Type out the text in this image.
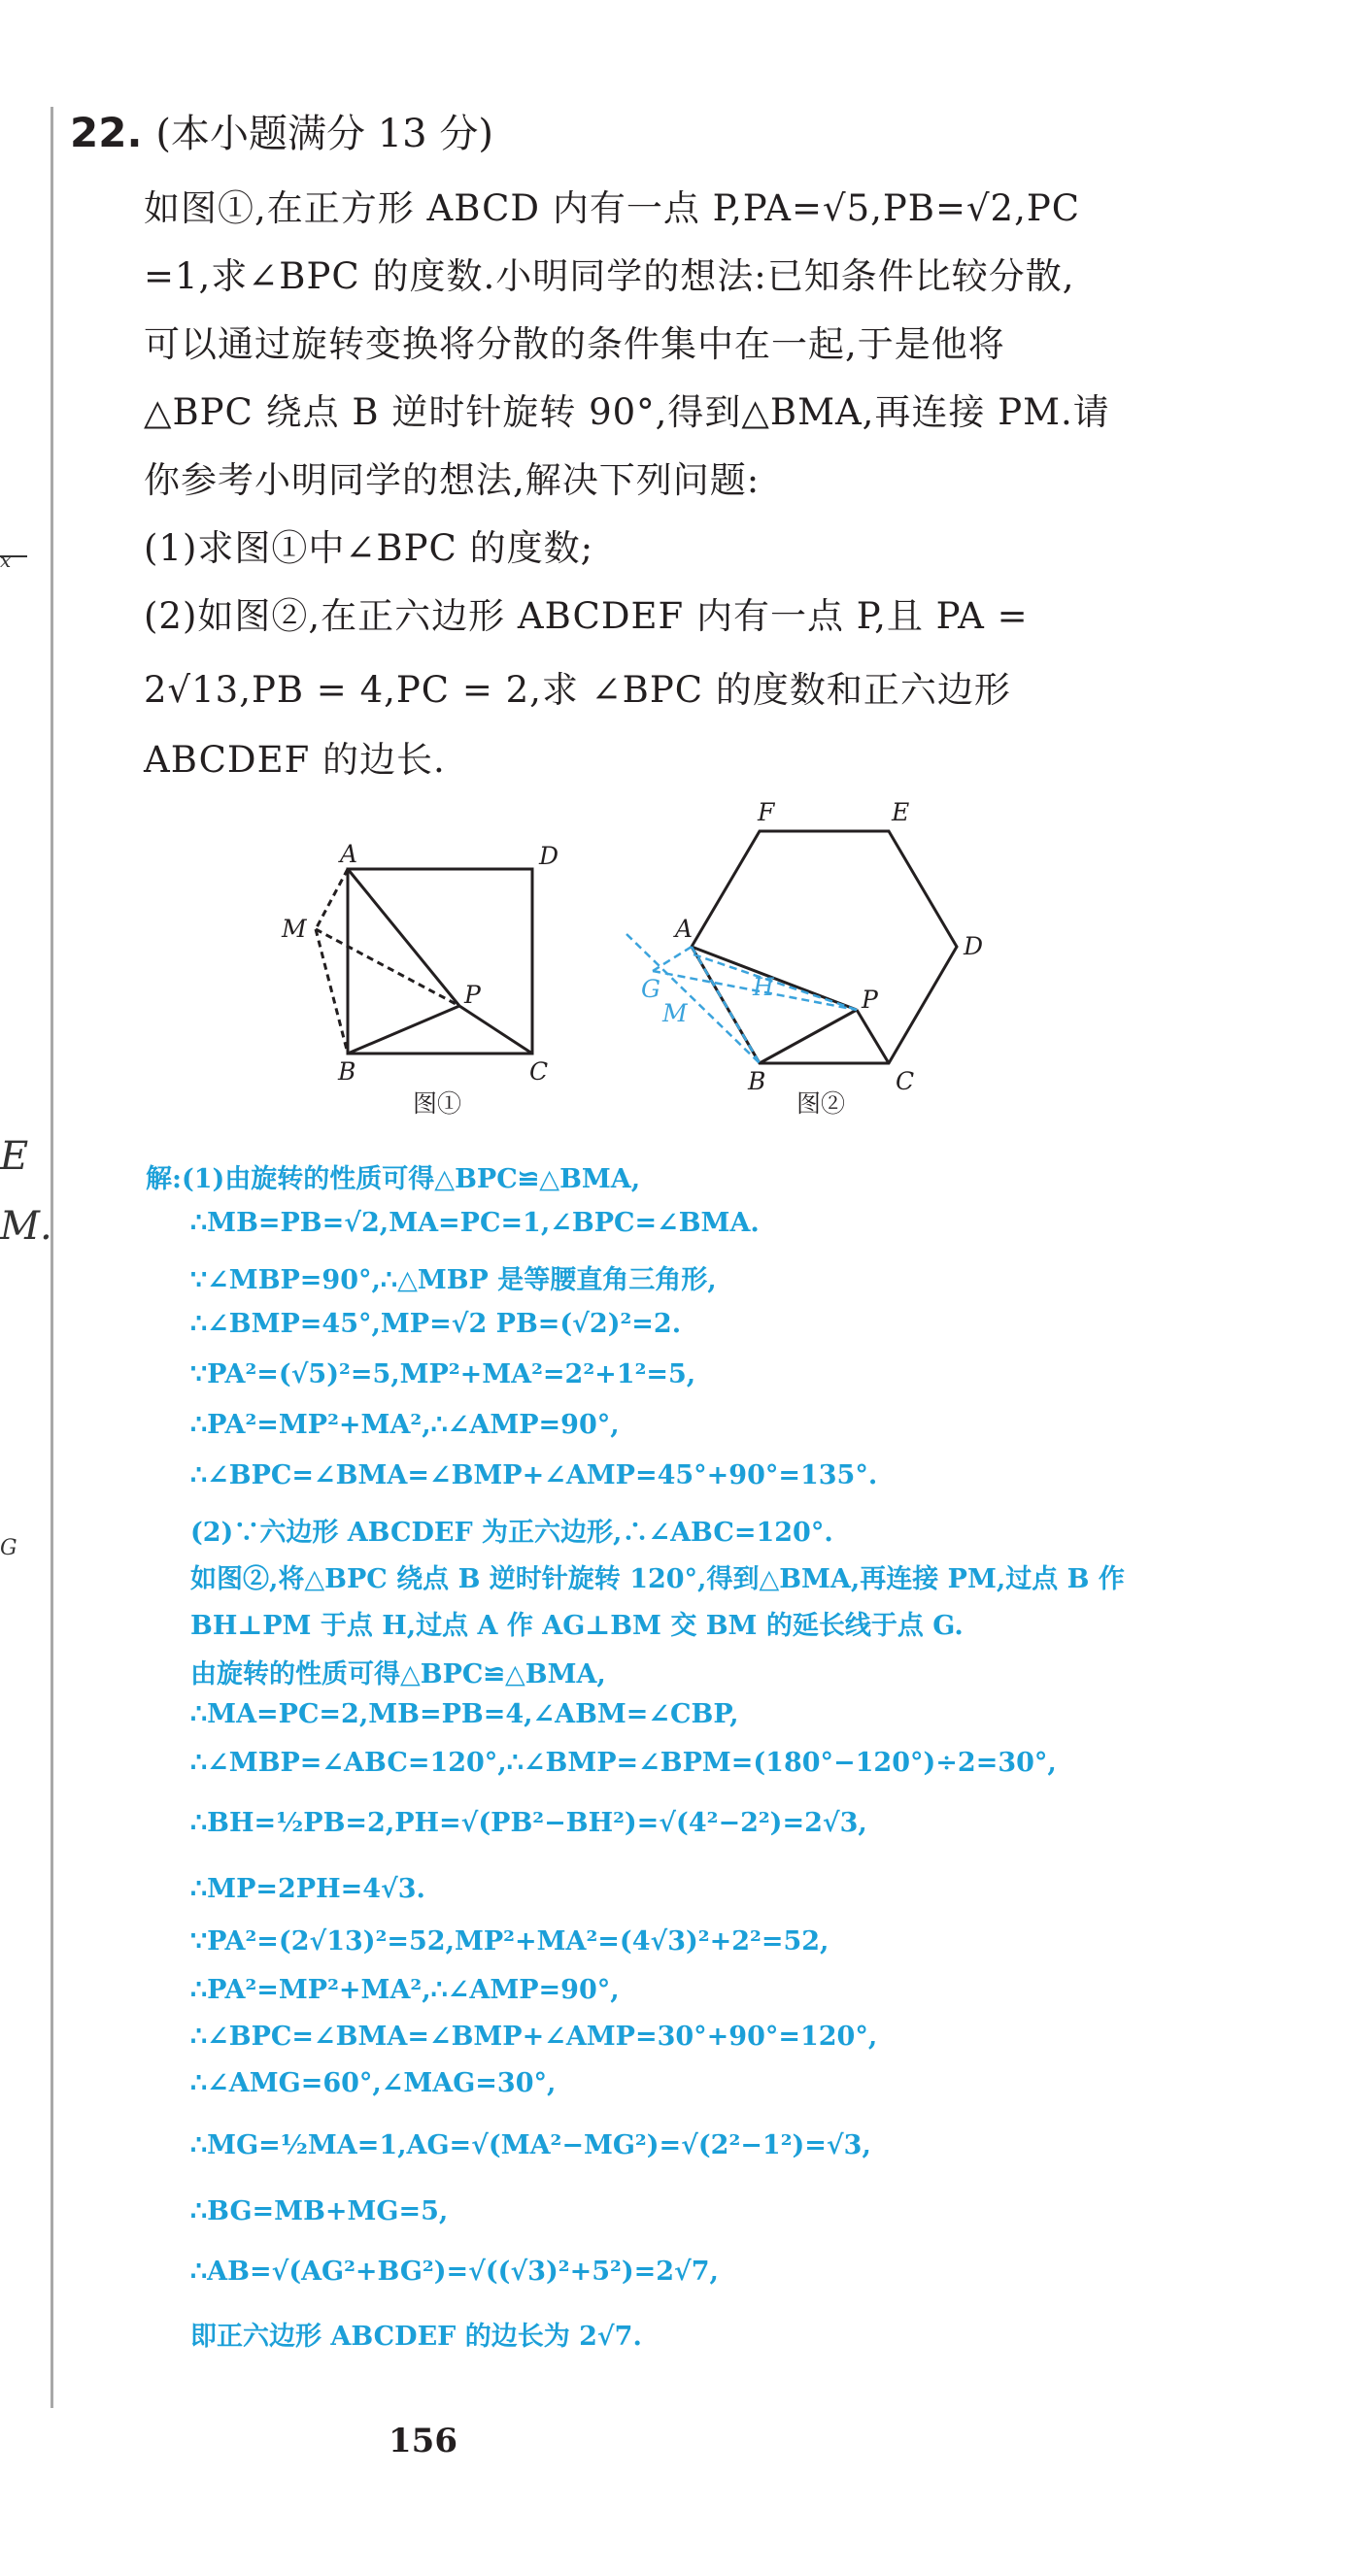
x
E
M.
G
22. (本小题满分 13 分)
如图①,在正方形 ABCD 内有一点 P,PA=√5,PB=√2,PC
=1,求∠BPC 的度数.小明同学的想法:已知条件比较分散,
可以通过旋转变换将分散的条件集中在一起,于是他将
△BPC 绕点 B 逆时针旋转 90°,得到△BMA,再连接 PM.请
你参考小明同学的想法,解决下列问题:
(1)求图①中∠BPC 的度数;
(2)如图②,在正六边形 ABCDEF 内有一点 P,且 PA =
2√13,PB = 4,PC = 2,求 ∠BPC 的度数和正六边形
ABCDEF 的边长.
A	D
M
P
B	C
图①
F	E
D
A
P
B	C
G
M
H
图②
解:(1)由旋转的性质可得△BPC≌△BMA,
∴MB=PB=√2,MA=PC=1,∠BPC=∠BMA.
∵∠MBP=90°,∴△MBP 是等腰直角三角形,
∴∠BMP=45°,MP=√2 PB=(√2)²=2.
∵PA²=(√5)²=5,MP²+MA²=2²+1²=5,
∴PA²=MP²+MA²,∴∠AMP=90°,
∴∠BPC=∠BMA=∠BMP+∠AMP=45°+90°=135°.
(2)∵六边形 ABCDEF 为正六边形,∴∠ABC=120°.
如图②,将△BPC 绕点 B 逆时针旋转 120°,得到△BMA,再连接 PM,过点 B 作
BH⊥PM 于点 H,过点 A 作 AG⊥BM 交 BM 的延长线于点 G.
由旋转的性质可得△BPC≌△BMA,
∴MA=PC=2,MB=PB=4,∠ABM=∠CBP,
∴∠MBP=∠ABC=120°,∴∠BMP=∠BPM=(180°−120°)÷2=30°,
∴BH=½PB=2,PH=√(PB²−BH²)=√(4²−2²)=2√3,
∴MP=2PH=4√3.
∵PA²=(2√13)²=52,MP²+MA²=(4√3)²+2²=52,
∴PA²=MP²+MA²,∴∠AMP=90°,
∴∠BPC=∠BMA=∠BMP+∠AMP=30°+90°=120°,
∴∠AMG=60°,∠MAG=30°,
∴MG=½MA=1,AG=√(MA²−MG²)=√(2²−1²)=√3,
∴BG=MB+MG=5,
∴AB=√(AG²+BG²)=√((√3)²+5²)=2√7,
即正六边形 ABCDEF 的边长为 2√7.
156
